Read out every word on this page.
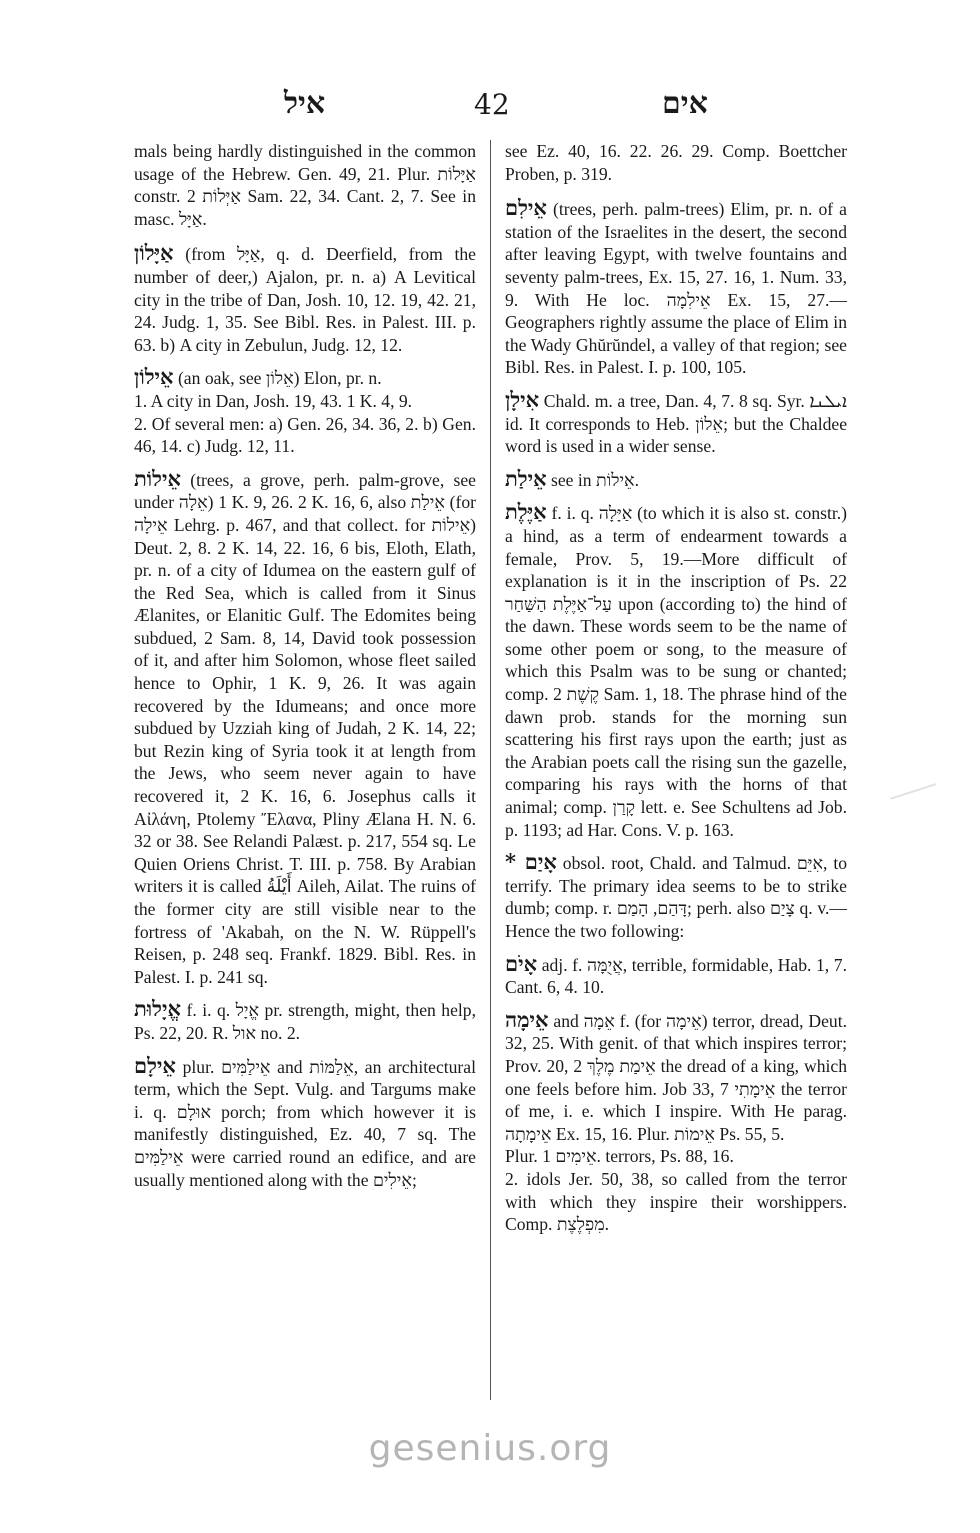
איל	42	אים

mals being hardly distinguished in the common usage of the Hebrew. Gen. 49, 21. Plur. אַיָּלוֹת constr. אַיְּלוֹת 2 Sam. 22, 34. Cant. 2, 7. See in masc. אַיָּל.

אַיָּלוֹן (from אַיָּל, q. d. Deerfield, from the number of deer,) Ajalon, pr. n. a) A Levitical city in the tribe of Dan, Josh. 10, 12. 19, 42. 21, 24. Judg. 1, 35. See Bibl. Res. in Palest. III. p. 63. b) A city in Zebulun, Judg. 12, 12.

אֵילוֹן (an oak, see אֵלוֹן) Elon, pr. n.

1. A city in Dan, Josh. 19, 43. 1 K. 4, 9.

2. Of several men: a) Gen. 26, 34. 36, 2. b) Gen. 46, 14. c) Judg. 12, 11.

אֵילוֹת (trees, a grove, perh. palm-grove, see under אֵלָה) 1 K. 9, 26. 2 K. 16, 6, also אֵילַת (for אֵילָה Lehrg. p. 467, and that collect. for אֵילוֹת) Deut. 2, 8. 2 K. 14, 22. 16, 6 bis, Eloth, Elath, pr. n. of a city of Idumea on the eastern gulf of the Red Sea, which is called from it Sinus Ælanites, or Elanitic Gulf. The Edomites being subdued, 2 Sam. 8, 14, David took possession of it, and after him Solomon, whose fleet sailed hence to Ophir, 1 K. 9, 26. It was again recovered by the Idumeans; and once more subdued by Uzziah king of Judah, 2 K. 14, 22; but Rezin king of Syria took it at length from the Jews, who seem never again to have recovered it, 2 K. 16, 6. Josephus calls it Αἰλάνη, Ptolemy Ἔλανα, Pliny Ælana H. N. 6. 32 or 38. See Relandi Palæst. p. 217, 554 sq. Le Quien Oriens Christ. T. III. p. 758. By Arabian writers it is called أَيْلَةُ Aileh, Ailat. The ruins of the former city are still visible near to the fortress of 'Akabah, on the N. W. Rüppell's Reisen, p. 248 seq. Frankf. 1829. Bibl. Res. in Palest. I. p. 241 sq.

אֱיָלוּת f. i. q. אֱיָל pr. strength, might, then help, Ps. 22, 20. R. אול no. 2.

אֵילָם plur. אֵילַמִּים and אֵלַמּוֹת, an architectural term, which the Sept. Vulg. and Targums make i. q. אוּלָם porch; from which however it is manifestly distinguished, Ez. 40, 7 sq. The אֵילַמִּים were carried round an edifice, and are usually mentioned along with the אֵילִים;

see Ez. 40, 16. 22. 26. 29. Comp. Boettcher Proben, p. 319.

אֵילִם (trees, perh. palm-trees) Elim, pr. n. of a station of the Israelites in the desert, the second after leaving Egypt, with twelve fountains and seventy palm-trees, Ex. 15, 27. 16, 1. Num. 33, 9. With He loc. אֵילִמָה Ex. 15, 27.—Geographers rightly assume the place of Elim in the Wady Ghŭrŭndel, a valley of that region; see Bibl. Res. in Palest. I. p. 100, 105.

אִילָן Chald. m. a tree, Dan. 4, 7. 8 sq. Syr. ܐܝܠܢܐ id. It corresponds to Heb. אֵלוֹן; but the Chaldee word is used in a wider sense.

אֵילַת see in אֵילוֹת.

אַיֶּלֶת f. i. q. אַיָּלָה (to which it is also st. constr.) a hind, as a term of endearment towards a female, Prov. 5, 19.—More difficult of explanation is it in the inscription of Ps. 22 עַל־אַיֶּלֶת הַשַּׁחַר upon (according to) the hind of the dawn. These words seem to be the name of some other poem or song, to the measure of which this Psalm was to be sung or chanted; comp. קֶשֶׁת 2 Sam. 1, 18. The phrase hind of the dawn prob. stands for the morning sun scattering his first rays upon the earth; just as the Arabian poets call the rising sun the gazelle, comparing his rays with the horns of that animal; comp. קָרַן lett. e. See Schultens ad Job. p. 1193; ad Har. Cons. V. p. 163.

* אָיַם obsol. root, Chald. and Talmud. אִיֵּם, to terrify. The primary idea seems to be to strike dumb; comp. r. דָּהַם, הָמַם; perh. also צָיַם q. v.—Hence the two following:

אָיֹם adj. f. אֲיֻמָּה, terrible, formidable, Hab. 1, 7. Cant. 6, 4. 10.

אֵימָה and אֵמָה f. (for אֵימָה) terror, dread, Deut. 32, 25. With genit. of that which inspires terror; Prov. 20, 2 אֵימַת מֶלֶךְ the dread of a king, which one feels before him. Job 33, 7 אֵימָתִי the terror of me, i. e. which I inspire. With He parag. אֵימָתָה Ex. 15, 16. Plur. אֵימוֹת Ps. 55, 5.

Plur. אֵימִים 1. terrors, Ps. 88, 16.

2. idols Jer. 50, 38, so called from the terror with which they inspire their worshippers. Comp. מִפְלֶצֶת.

gesenius.org
